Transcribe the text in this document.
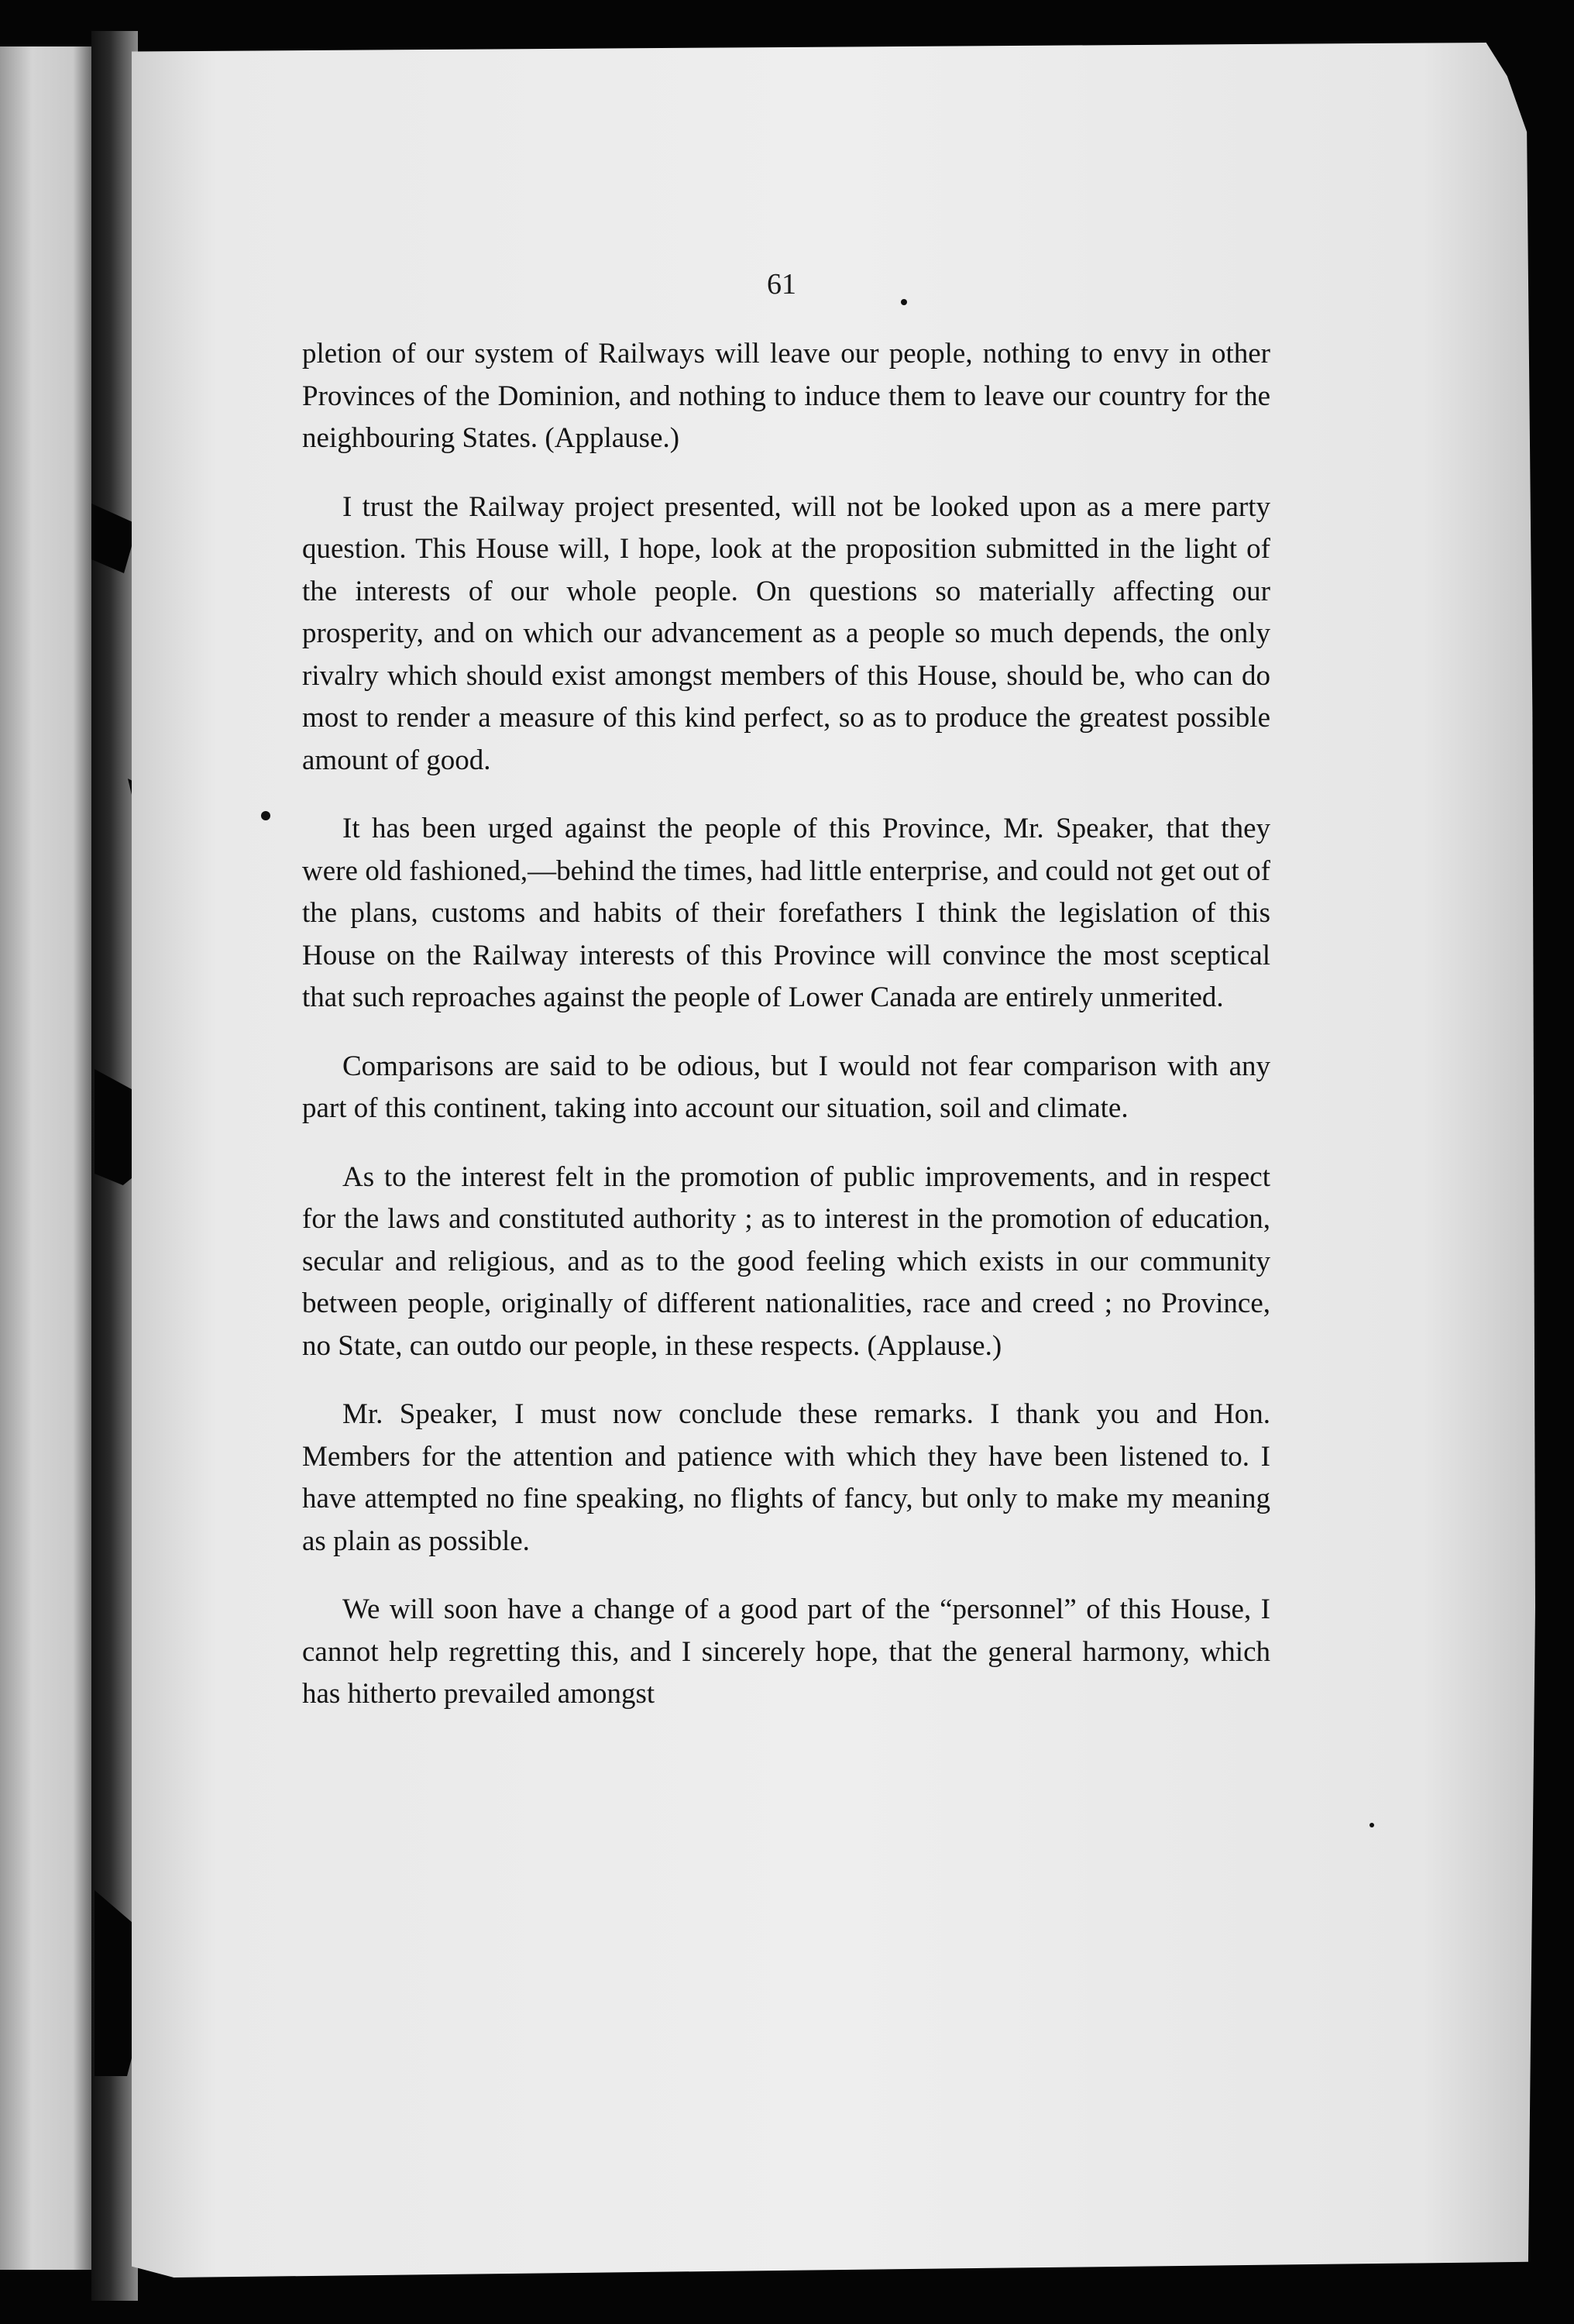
61

pletion of our system of Railways will leave our people, nothing to envy in other Provinces of the Dominion, and nothing to induce them to leave our country for the neighbouring States. (Applause.)

I trust the Railway project presented, will not be looked upon as a mere party question. This House will, I hope, look at the proposition submitted in the light of the interests of our whole people. On questions so materially affecting our prosperity, and on which our advancement as a people so much depends, the only rivalry which should exist amongst members of this House, should be, who can do most to render a measure of this kind perfect, so as to produce the greatest possible amount of good.

It has been urged against the people of this Province, Mr. Speaker, that they were old fashioned,—behind the times, had little enterprise, and could not get out of the plans, customs and habits of their forefathers I think the legislation of this House on the Railway interests of this Province will convince the most sceptical that such reproaches against the people of Lower Canada are entirely unmerited.

Comparisons are said to be odious, but I would not fear comparison with any part of this continent, taking into account our situation, soil and climate.

As to the interest felt in the promotion of public improvements, and in respect for the laws and constituted authority ; as to interest in the promotion of education, secular and religious, and as to the good feeling which exists in our community between people, originally of different nationalities, race and creed ; no Province, no State, can outdo our people, in these respects. (Applause.)

Mr. Speaker, I must now conclude these remarks. I thank you and Hon. Members for the attention and patience with which they have been listened to. I have attempted no fine speaking, no flights of fancy, but only to make my meaning as plain as possible.

We will soon have a change of a good part of the “personnel” of this House, I cannot help regretting this, and I sincerely hope, that the general harmony, which has hitherto prevailed amongst
